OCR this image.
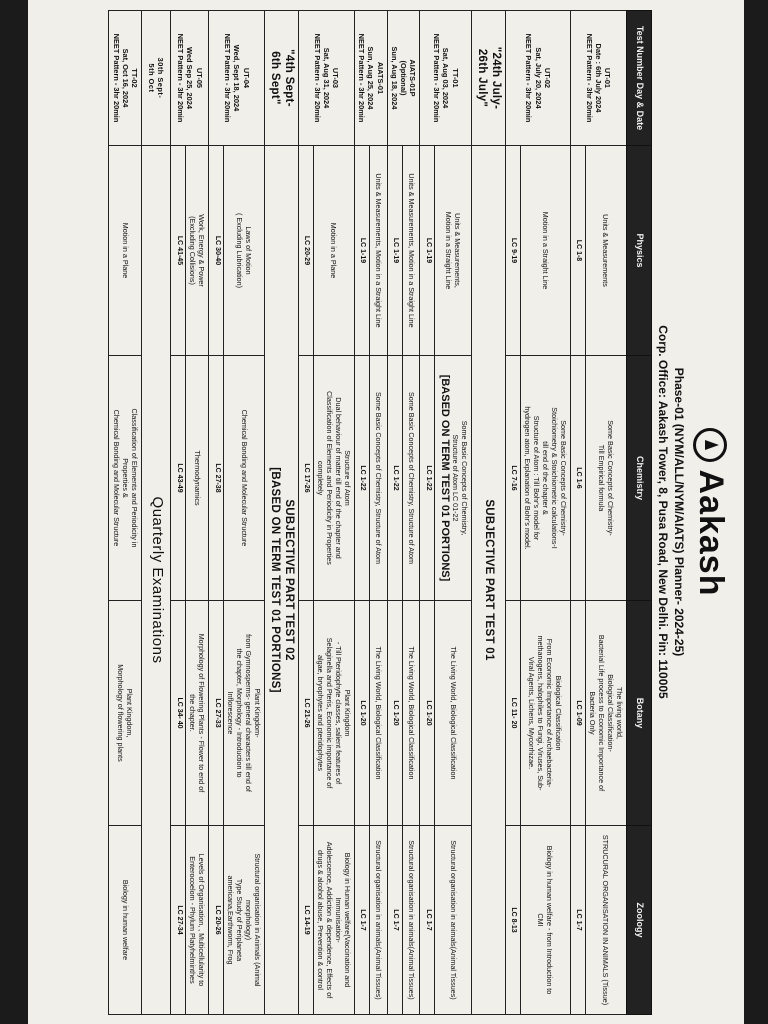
Aakash
Phase-01 (NYM/ALL/NYM/AIATS) Planner- 2024-25)
Corp. Office: Aakash Tower, 8, Pusa Road, New Delhi. Pin: 110005
Test Number Day & Date	Physics	Chemistry	Botany	Zoology

UT-01
Date : 6th July 2024
NEET Pattern - 3hr 20min	Units & Measurements	Some Basic Concepts of Chemistry-
Till Empirical formula	The living world,
Biological Classification-
Bacterial Life process to Economic Importance of
Bacteria Only	STRUCURAL ORGANISATION IN ANIMALS (Tissue)
	LC 1-8	LC 1-6	LC 1-09	LC 1-7

UT-02
Sat, July 20, 2024
NEET Pattern - 3hr 20min	Motion in a Straight Line	Some Basic Concepts of Chemistry-
Stoichiometry & Stoichiometric calculations-I
till end of the chapter &
Structure of Atom : Till Bohr's model for
hydrogen atom, Explanation of Bohr's model.	Biological Classification
From Economic Importance of Archaebacteria-
methanogens, halophiles to Fungi, Viruses, Sub-
Viral Agents, Lichens, Mycorrhizae.	Biology in human welfare - from Introduction to
CMI

	LC 9-19	LC 7-16	LC 11- 20	LC 8-13

"24th July-
26th July"	SUBJECTIVE PART TEST 01			

TT-01
Sat, Aug 03, 2024
NEET Pattern - 3hr 20min	Units & Measurements,
Motion in a Straight Line	Some Basic Concepts of Chemistry,
Structure of Atom LC 01-22
[BASED ON TERM TEST 01 PORTIONS]	The Living World, Biological Classification	Structural organisation in animals(Animal Tissues)
	LC 1-19	LC 1-22	LC 1-20	LC 1-7

AIATS-01P
(Optional)
Sun, Aug 18, 2024	Units & Measurements, Motion in a Straight Line	Some Basic Concepts of Chemistry, Structure of Atom	The Living World, Biological Classification	Structural organisation in animals(Animal Tissues)
	LC 1-19	LC 1-22	LC 1-20	LC 1-7

AIATS-01
Sun, Aug 25, 2024
NEET Pattern - 3hr 20min	Units & Measurements, Motion in a Straight Line	Some Basic Concepts of Chemistry, Structure of Atom	The Living World, Biological Classification	Structural organisation in animals(Animal Tissues)
	LC 1-19	LC 1-22	LC 1-20	LC 1-7

UT-03
Sat, Aug 31, 2024
NEET Pattern - 3hr 20min	Motion in a Plane	Structure of Atom
Dual behaviour of matter till end of the chapter and
Classification of Elements and Periodicity in Properties
completely	Plant Kingdom
- Till Pteridophyte classes, salient features of
Selaginella and Pteris, Economic importance of
algae, bryophytes and pteridophytes	Biology in Human welfare(Vaccination and
Immunisation-
Adolescence, Addiction & dependence, Effects of
drugs & alcohol abuse, Prevention & control

	LC 20-29	LC 17-26	LC 21-26	LC 14-19

"4th Sept-
6th Sept"	SUBJECTIVE PART TEST 02
[BASED ON TERM TEST 01 PORTIONS]			

UT-04
Wed, Sept 18, 2024
NEET Pattern - 3hr 20min	Laws of Motion
( Excluding Lubrication)	Chemical Bonding and Molecular Structure	Plant Kingdom-
from Gymnosperms- general characters till end of
the chapter, Morphology - Introduction to
Inflorescence	Structural organisation in Animals (Animal
morphology)
Type Study of Periplaneta
americana,Earthworm, Frog

	LC 30-40	LC 27-38	LC 27-33	LC 20-26

UT-05
Wed Sep 25, 2024
NEET Pattern - 3hr 20min	Work, Energy & Power
(Excluding Collisions)	Thermodynamics	Morphology of Flowering Plants - Flower to end of
the chapter.	Levels of Organisation, , Multicellularity to
Enterocoelom - Phylum Platyhelminthes

	LC 41-45	LC 43-49	LC 34- 40	LC 27-34

30th Sept-
5th Oct	Quarterly Examinations			

TT-02
Sat, Oct 16, 2024
NEET Pattern - 3hr 20min	Motion in a Plane	Classification of Elements and Periodicity in
Properties &
Chemical Bonding and Molecular Structure	Plant Kingdom,
Morphology of flowering plants	Biology in human welfare
